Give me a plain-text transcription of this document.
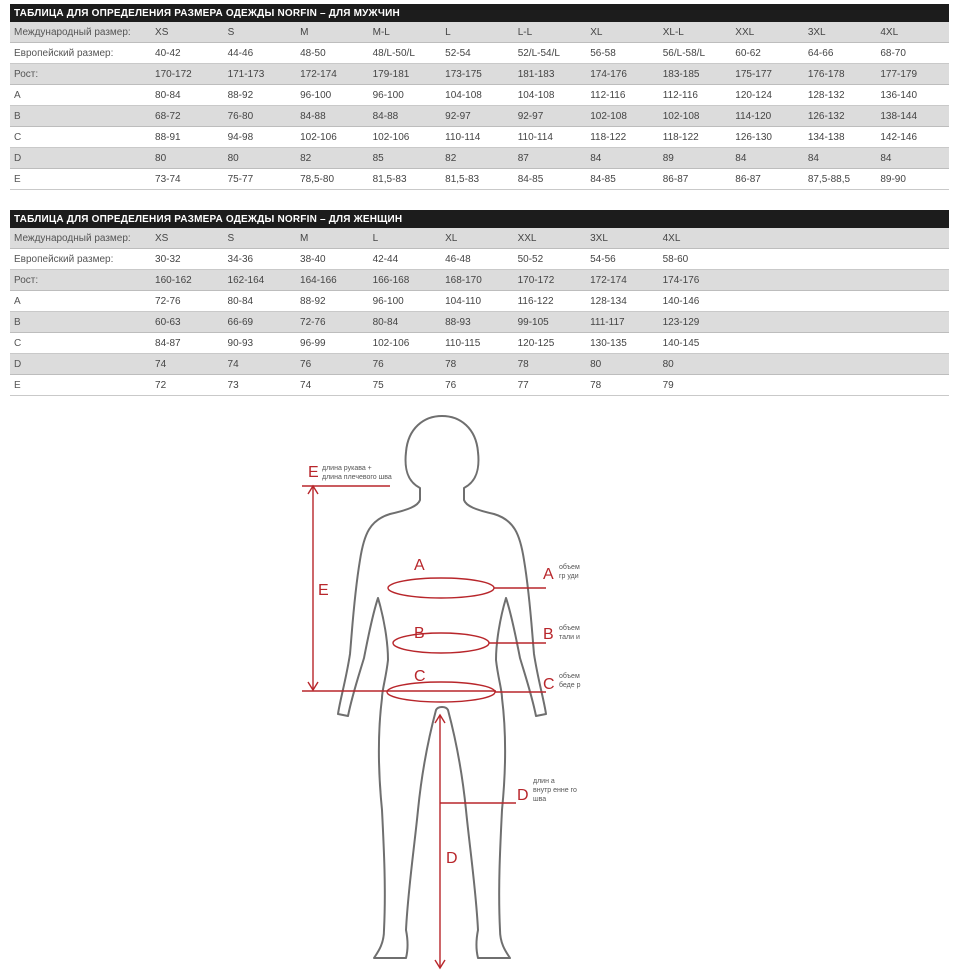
ТАБЛИЦА ДЛЯ ОПРЕДЕЛЕНИЯ РАЗМЕРА ОДЕЖДЫ NORFIN – ДЛЯ МУЖЧИН											
Международный размер:	XS	S	M	M-L	L	L-L	XL	XL-L	XXL	3XL	4XL
Европейский размер:	40-42	44-46	48-50	48/L-50/L	52-54	52/L-54/L	56-58	56/L-58/L	60-62	64-66	68-70
Рост:	170-172	171-173	172-174	179-181	173-175	181-183	174-176	183-185	175-177	176-178	177-179
A	80-84	88-92	96-100	96-100	104-108	104-108	112-116	112-116	120-124	128-132	136-140
B	68-72	76-80	84-88	84-88	92-97	92-97	102-108	102-108	114-120	126-132	138-144
C	88-91	94-98	102-106	102-106	110-114	110-114	118-122	118-122	126-130	134-138	142-146
D	80	80	82	85	82	87	84	89	84	84	84
E	73-74	75-77	78,5-80	81,5-83	81,5-83	84-85	84-85	86-87	86-87	87,5-88,5	89-90
ТАБЛИЦА ДЛЯ ОПРЕДЕЛЕНИЯ РАЗМЕРА ОДЕЖДЫ NORFIN – ДЛЯ ЖЕНЩИН											
Международный размер:	XS	S	M	L	XL	XXL	3XL	4XL			
Европейский размер:	30-32	34-36	38-40	42-44	46-48	50-52	54-56	58-60			
Рост:	160-162	162-164	164-166	166-168	168-170	170-172	172-174	174-176			
A	72-76	80-84	88-92	96-100	104-110	116-122	128-134	140-146			
B	60-63	66-69	72-76	80-84	88-93	99-105	111-117	123-129			
C	84-87	90-93	96-99	102-106	110-115	120-125	130-135	140-145			
D	74	74	76	76	78	78	80	80			
E	72	73	74	75	76	77	78	79			
E длина рукава +
длина плечевого шва
E
A
A объем
гр уди
B	B объем
тали и
C	C объем
беде р
длин а
D внутр енне го
шва
D
